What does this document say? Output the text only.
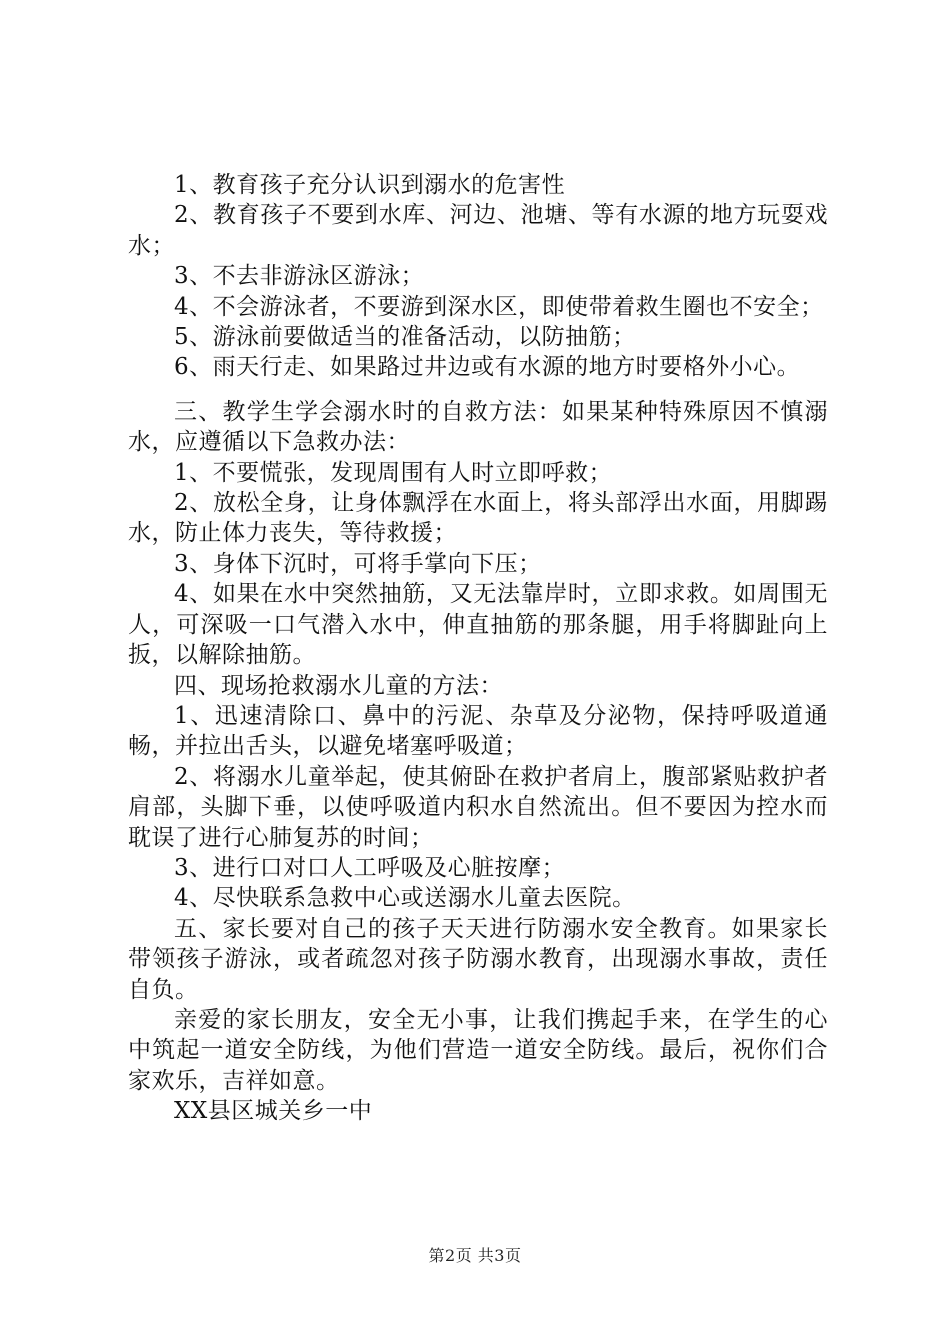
1、教育孩子充分认识到溺水的危害性

2、教育孩子不要到水库、河边、池塘、等有水源的地方玩耍戏水；

3、不去非游泳区游泳；

4、不会游泳者，不要游到深水区，即使带着救生圈也不安全；

5、游泳前要做适当的准备活动，以防抽筋；

6、雨天行走、如果路过井边或有水源的地方时要格外小心。

三、教学生学会溺水时的自救方法：如果某种特殊原因不慎溺水，应遵循以下急救办法：

1、不要慌张，发现周围有人时立即呼救；

2、放松全身，让身体飘浮在水面上，将头部浮出水面，用脚踢水，防止体力丧失，等待救援；

3、身体下沉时，可将手掌向下压；

4、如果在水中突然抽筋，又无法靠岸时，立即求救。如周围无人，可深吸一口气潜入水中，伸直抽筋的那条腿，用手将脚趾向上扳，以解除抽筋。

四、现场抢救溺水儿童的方法：

1、迅速清除口、鼻中的污泥、杂草及分泌物，保持呼吸道通畅，并拉出舌头，以避免堵塞呼吸道；

2、将溺水儿童举起，使其俯卧在救护者肩上，腹部紧贴救护者肩部，头脚下垂，以使呼吸道内积水自然流出。但不要因为控水而耽误了进行心肺复苏的时间；

3、进行口对口人工呼吸及心脏按摩；

4、尽快联系急救中心或送溺水儿童去医院。

五、家长要对自己的孩子天天进行防溺水安全教育。如果家长带领孩子游泳，或者疏忽对孩子防溺水教育，出现溺水事故，责任自负。

亲爱的家长朋友，安全无小事，让我们携起手来，在学生的心中筑起一道安全防线，为他们营造一道安全防线。最后，祝你们合家欢乐，吉祥如意。

XX县区城关乡一中

第2页 共3页
